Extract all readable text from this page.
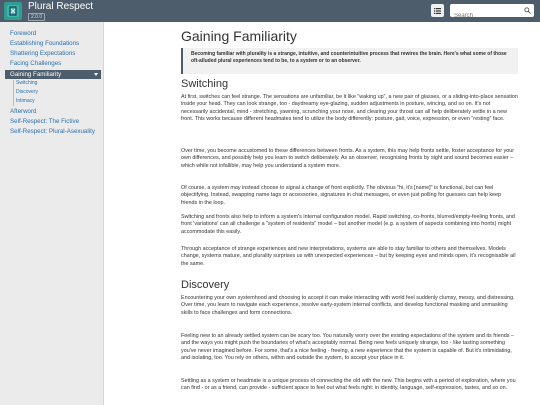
Plural Respect
2.0.0
Search
Foreword
Establishing Foundations
Shattering Expectations
Facing Challenges
Gaining Familiarity
Switching
Discovery
Intimacy
Afterword
Self-Respect: The Fictive
Self-Respect: Plural-Asexuality
Gaining Familiarity
Becoming familiar with plurality is a strange, intuitive, and counterintuitive process that rewires the brain. Here's what some of those oft-alluded plural experiences tend to be, to a system or to an observer.
Switching

At first, switches can feel strange. The sensations are unfamiliar, be it like "waking up", a new pair of glasses, or a sliding-into-place sensation inside your head. They can look strange, too - daydreamy eye-glazing, sudden adjustments in posture, wincing, and so on. It's not necessarily accidental, mind - stretching, yawning, scrunching your nose, and clearing your throat can all help deliberately settle in a new front. This works because different headmates tend to utilize the body differently: posture, gait, voice, expression, or even "resting" face.

Over time, you become accustomed to these differences between fronts. As a system, this may help fronts settle, foster acceptance for your own differences, and possibly help you learn to switch deliberately. As an observer, recognising fronts by sight and sound becomes easier – which while not infallible, may help you understand a system more.

Of course, a system may instead choose to signal a change of front explicitly. The obvious "hi, it's [name]" is functional, but can feel objectifying. Instead, swapping name tags or accessories, signatures in chat messages, or even just polling for guesses can help keep friends in the loop.

Switching and fronts also help to inform a system's internal configuration model. Rapid switching, co-fronts, blurred/empty-feeling fronts, and front 'variations' can all challenge a "system of residents" model – but another model (e.g. a system of aspects combining into fronts) might accommodate this easily.

Through acceptance of strange experiences and new interpretations, systems are able to stay familiar to others and themselves. Models change, systems mature, and plurality surprises us with unexpected experiences – but by keeping eyes and minds open, it's recognisable all the same.

Discovery

Encountering your own systemhood and choosing to accept it can make interacting with world feel suddenly clumsy, messy, and distressing. Over time, you learn to navigate each experience, resolve early-system internal conflicts, and develop functional masking and unmasking skills to face challenges and form connections.

Feeling new to an already settled system can be scary too. You naturally worry over the existing expectations of the system and its friends – and the ways you might push the boundaries of what's acceptably normal. Being new feels uniquely strange, too - like tasting something you've never imagined before. For some, that's a nice feeling - freeing, a new experience that the system is capable of. But it's intimidating, and isolating, too. You rely on others, within and outside the system, to accept your place in it.

Settling as a system or headmate is a unique process of connecting the old with the new. This begins with a period of exploration, where you can find - or as a friend, can provide - sufficient space to feel out what feels right: in identity, language, self-expression, tastes, and so on.
